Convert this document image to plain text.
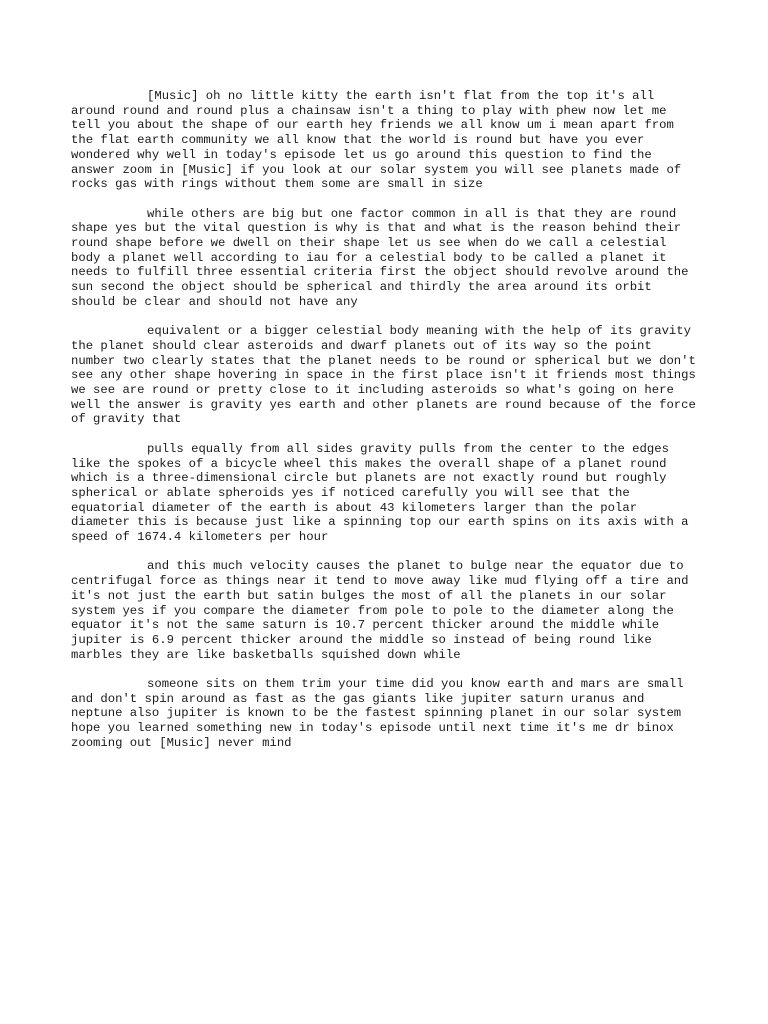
[Music] oh no little kitty the earth isn't flat from the top it's all around round and round plus a chainsaw isn't a thing to play with phew now let me tell you about the shape of our earth hey friends we all know um i mean apart from the flat earth community we all know that the world is round but have you ever wondered why well in today's episode let us go around this question to find the answer zoom in [Music] if you look at our solar system you will see planets made of rocks gas with rings without them some are small in size

while others are big but one factor common in all is that they are round shape yes but the vital question is why is that and what is the reason behind their round shape before we dwell on their shape let us see when do we call a celestial body a planet well according to iau for a celestial body to be called a planet it needs to fulfill three essential criteria first the object should revolve around the sun second the object should be spherical and thirdly the area around its orbit should be clear and should not have any

equivalent or a bigger celestial body meaning with the help of its gravity the planet should clear asteroids and dwarf planets out of its way so the point number two clearly states that the planet needs to be round or spherical but we don't see any other shape hovering in space in the first place isn't it friends most things we see are round or pretty close to it including asteroids so what's going on here well the answer is gravity yes earth and other planets are round because of the force of gravity that

pulls equally from all sides gravity pulls from the center to the edges like the spokes of a bicycle wheel this makes the overall shape of a planet round which is a three-dimensional circle but planets are not exactly round but roughly spherical or ablate spheroids yes if noticed carefully you will see that the equatorial diameter of the earth is about 43 kilometers larger than the polar diameter this is because just like a spinning top our earth spins on its axis with a speed of 1674.4 kilometers per hour

and this much velocity causes the planet to bulge near the equator due to centrifugal force as things near it tend to move away like mud flying off a tire and it's not just the earth but satin bulges the most of all the planets in our solar system yes if you compare the diameter from pole to pole to the diameter along the equator it's not the same saturn is 10.7 percent thicker around the middle while jupiter is 6.9 percent thicker around the middle so instead of being round like marbles they are like basketballs squished down while

someone sits on them trim your time did you know earth and mars are small and don't spin around as fast as the gas giants like jupiter saturn uranus and neptune also jupiter is known to be the fastest spinning planet in our solar system hope you learned something new in today's episode until next time it's me dr binox zooming out [Music] never mind
